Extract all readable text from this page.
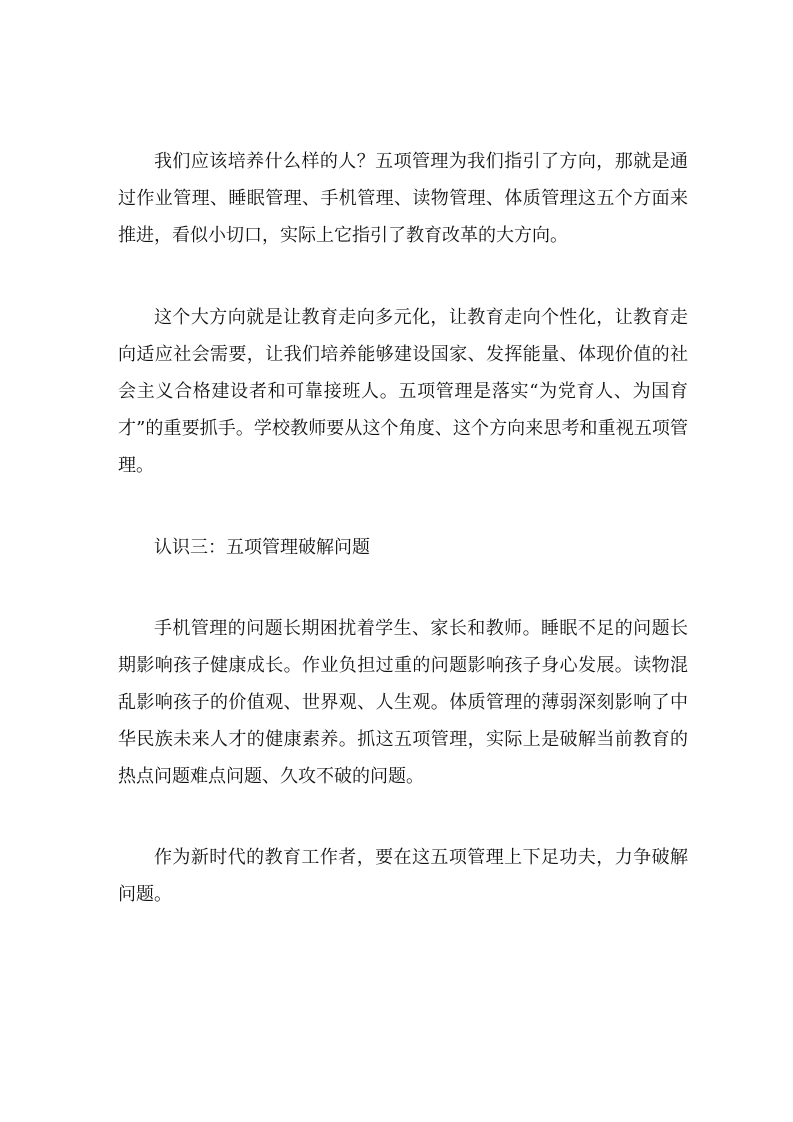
我们应该培养什么样的人？五项管理为我们指引了方向，那就是通过作业管理、睡眠管理、手机管理、读物管理、体质管理这五个方面来推进，看似小切口，实际上它指引了教育改革的大方向。

这个大方向就是让教育走向多元化，让教育走向个性化，让教育走向适应社会需要，让我们培养能够建设国家、发挥能量、体现价值的社会主义合格建设者和可靠接班人。五项管理是落实“为党育人、为国育才”的重要抓手。学校教师要从这个角度、这个方向来思考和重视五项管理。

认识三：五项管理破解问题

手机管理的问题长期困扰着学生、家长和教师。睡眠不足的问题长期影响孩子健康成长。作业负担过重的问题影响孩子身心发展。读物混乱影响孩子的价值观、世界观、人生观。体质管理的薄弱深刻影响了中华民族未来人才的健康素养。抓这五项管理，实际上是破解当前教育的热点问题难点问题、久攻不破的问题。

作为新时代的教育工作者，要在这五项管理上下足功夫，力争破解问题。
